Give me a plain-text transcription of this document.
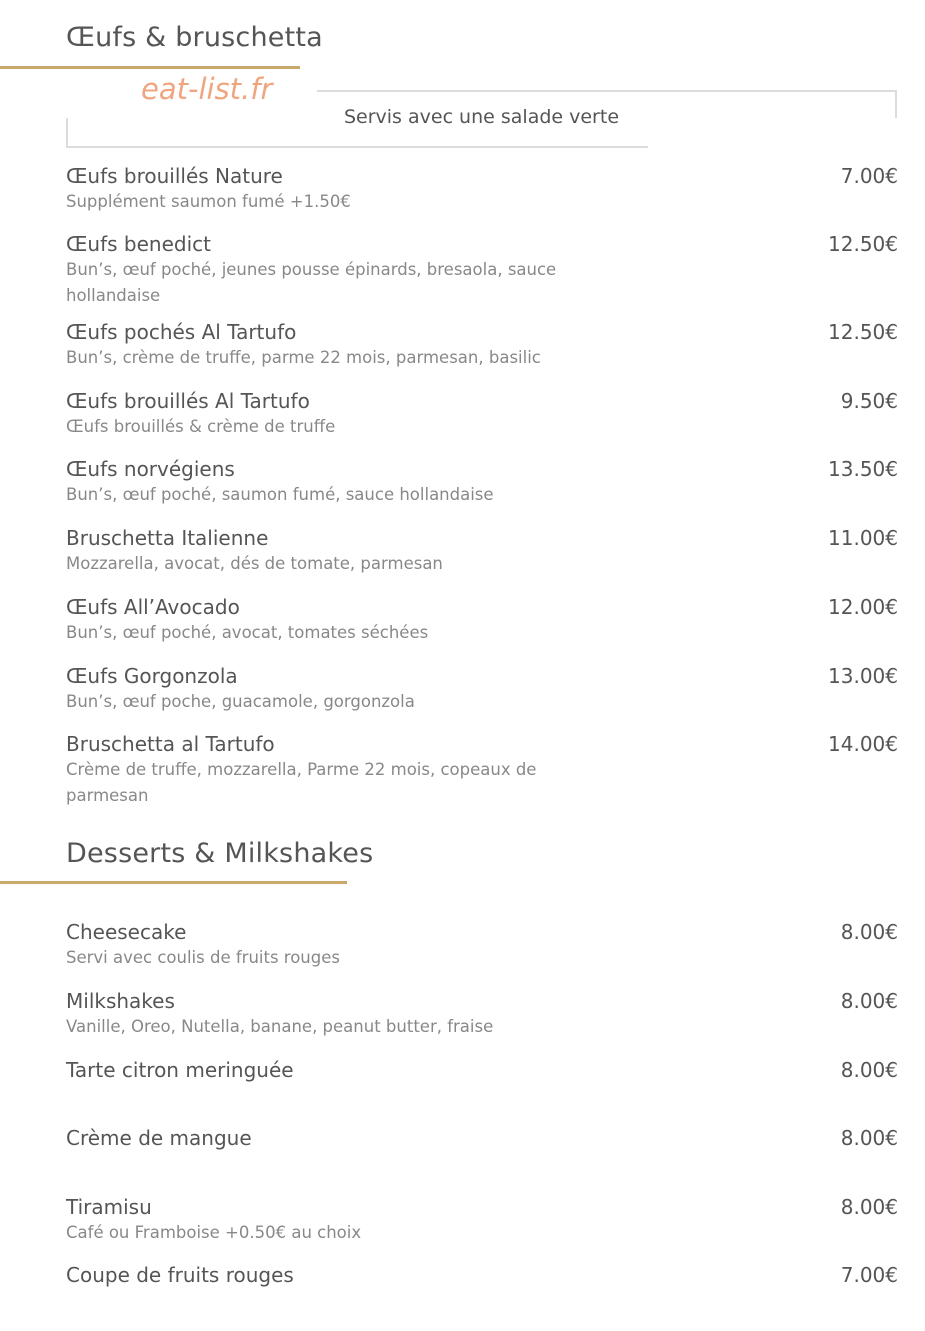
Œufs & bruschetta
eat-list.fr
Servis avec une salade verte
Œufs brouillés Nature
Supplément saumon fumé +1.50€
7.00€
Œufs benedict
Bun’s, œuf poché, jeunes pousse épinards, bresaola, sauce hollandaise
12.50€
Œufs pochés Al Tartufo
Bun’s, crème de truffe, parme 22 mois, parmesan, basilic
12.50€
Œufs brouillés Al Tartufo
Œufs brouillés & crème de truffe
9.50€
Œufs norvégiens
Bun’s, œuf poché, saumon fumé, sauce hollandaise
13.50€
Bruschetta Italienne
Mozzarella, avocat, dés de tomate, parmesan
11.00€
Œufs All’Avocado
Bun’s, œuf poché, avocat, tomates séchées
12.00€
Œufs Gorgonzola
Bun’s, œuf poche, guacamole, gorgonzola
13.00€
Bruschetta al Tartufo
Crème de truffe, mozzarella, Parme 22 mois, copeaux de parmesan
14.00€
Desserts & Milkshakes
Cheesecake
Servi avec coulis de fruits rouges
8.00€
Milkshakes
Vanille, Oreo, Nutella, banane, peanut butter, fraise
8.00€
Tarte citron meringuée	8.00€
Crème de mangue	8.00€
Tiramisu
Café ou Framboise +0.50€ au choix
8.00€
Coupe de fruits rouges	7.00€
